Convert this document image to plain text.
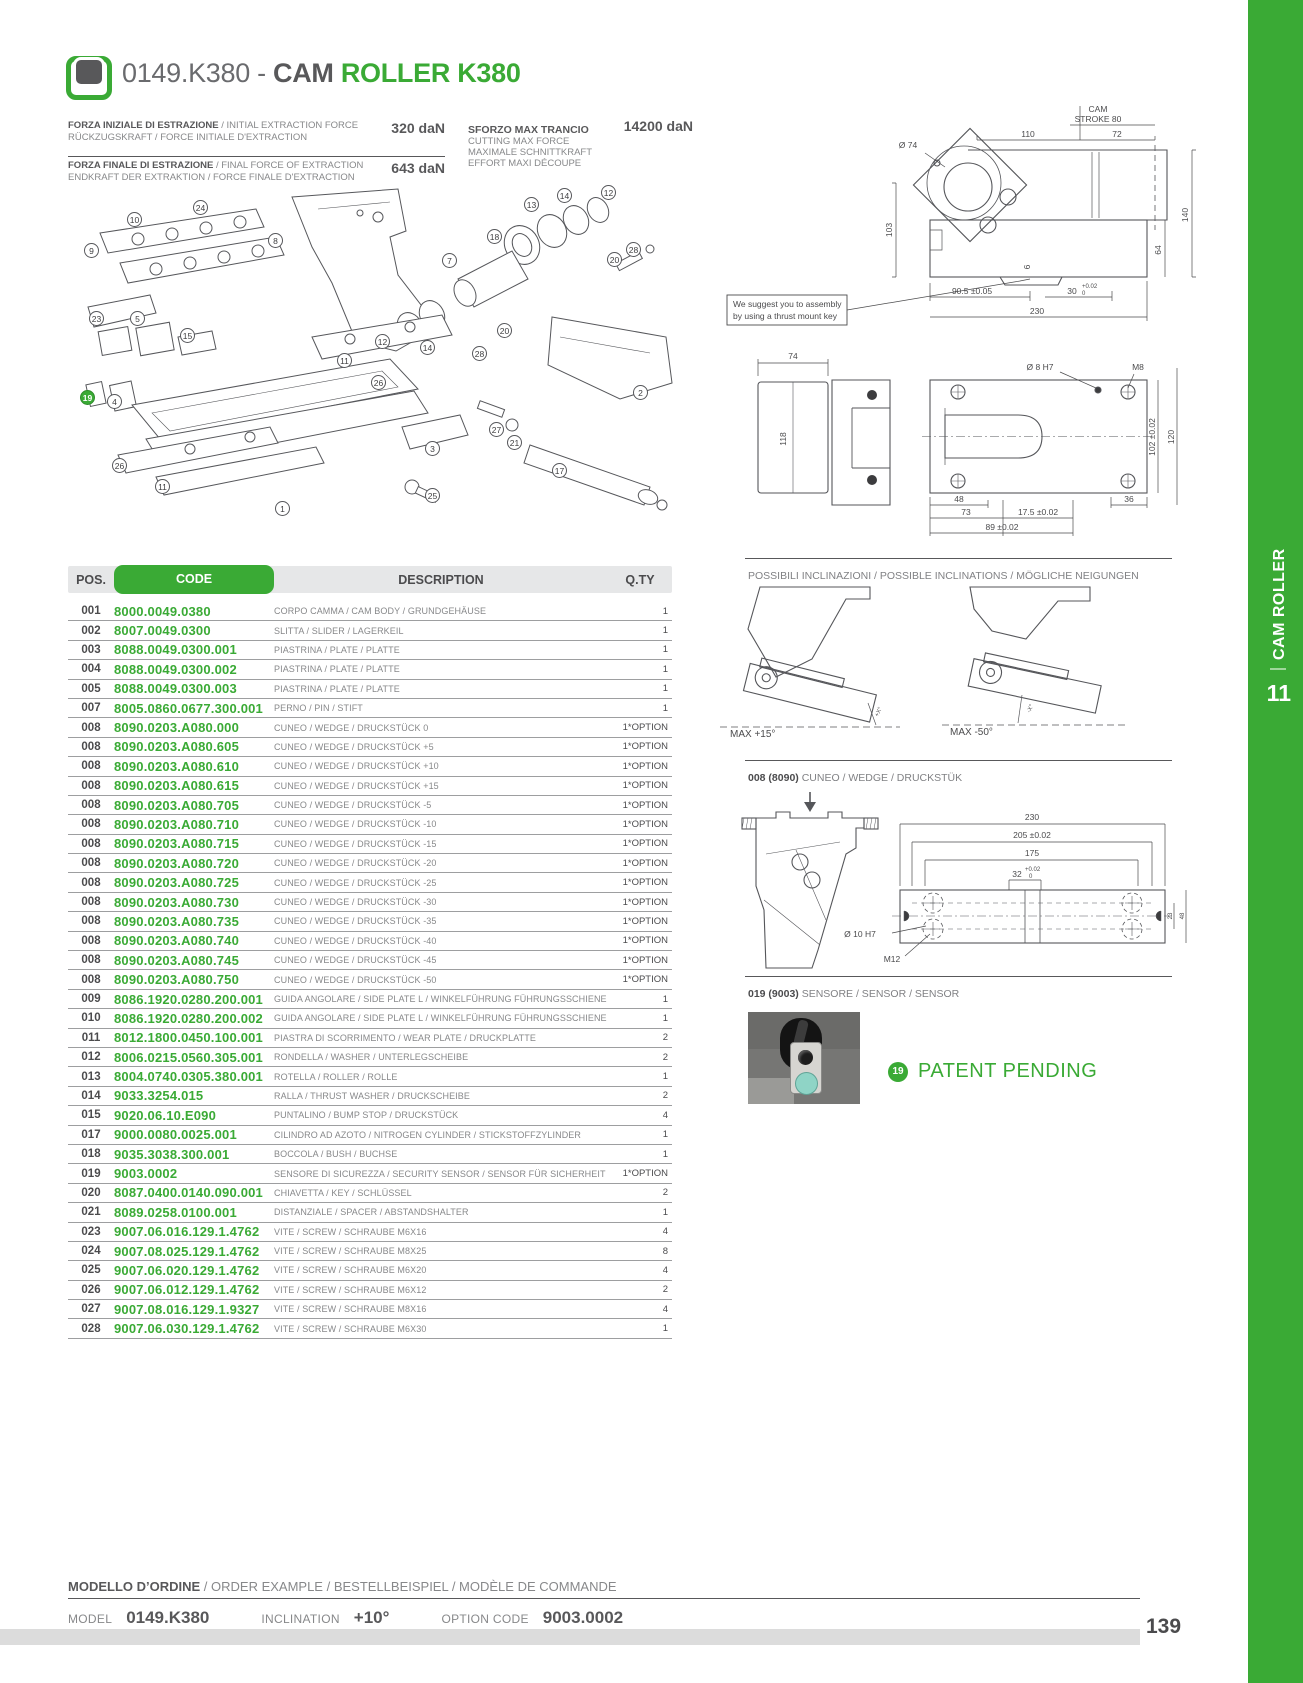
CAM ROLLER
11
0149.K380 - CAM ROLLER K380
FORZA INIZIALE DI ESTRAZIONE / INITIAL EXTRACTION FORCE
RÜCKZUGSKRAFT / FORCE INITIALE D'EXTRACTION
320 daN
FORZA FINALE DI ESTRAZIONE / FINAL FORCE OF EXTRACTION
ENDKRAFT DER EXTRAKTION / FORCE FINALE D'EXTRACTION
643 daN
SFORZO MAX TRANCIO 14200 daN
CUTTING MAX FORCE
MAXIMALE SCHNITTKRAFT
EFFORT MAXI DÉCOUPE
10
24
9
8
7
18
13
14	12
20
28
23	5
15
12
14
11
26
20
28
2
19	4
27
21
3
17
26
11
25
1
POS.	CODE	DESCRIPTION	Q.TY
001	8000.0049.0380	CORPO CAMMA / CAM BODY / GRUNDGEHÄUSE	1
002	8007.0049.0300	SLITTA / SLIDER / LAGERKEIL	1
003	8088.0049.0300.001	PIASTRINA / PLATE / PLATTE	1
004	8088.0049.0300.002	PIASTRINA / PLATE / PLATTE	1
005	8088.0049.0300.003	PIASTRINA / PLATE / PLATTE	1
007	8005.0860.0677.300.001	PERNO / PIN / STIFT	1
008	8090.0203.A080.000	CUNEO / WEDGE / DRUCKSTÜCK 0	1*OPTION
008	8090.0203.A080.605	CUNEO / WEDGE / DRUCKSTÜCK +5	1*OPTION
008	8090.0203.A080.610	CUNEO / WEDGE / DRUCKSTÜCK +10	1*OPTION
008	8090.0203.A080.615	CUNEO / WEDGE / DRUCKSTÜCK +15	1*OPTION
008	8090.0203.A080.705	CUNEO / WEDGE / DRUCKSTÜCK -5	1*OPTION
008	8090.0203.A080.710	CUNEO / WEDGE / DRUCKSTÜCK -10	1*OPTION
008	8090.0203.A080.715	CUNEO / WEDGE / DRUCKSTÜCK -15	1*OPTION
008	8090.0203.A080.720	CUNEO / WEDGE / DRUCKSTÜCK -20	1*OPTION
008	8090.0203.A080.725	CUNEO / WEDGE / DRUCKSTÜCK -25	1*OPTION
008	8090.0203.A080.730	CUNEO / WEDGE / DRUCKSTÜCK -30	1*OPTION
008	8090.0203.A080.735	CUNEO / WEDGE / DRUCKSTÜCK -35	1*OPTION
008	8090.0203.A080.740	CUNEO / WEDGE / DRUCKSTÜCK -40	1*OPTION
008	8090.0203.A080.745	CUNEO / WEDGE / DRUCKSTÜCK -45	1*OPTION
008	8090.0203.A080.750	CUNEO / WEDGE / DRUCKSTÜCK -50	1*OPTION
009	8086.1920.0280.200.001	GUIDA ANGOLARE / SIDE PLATE L / WINKELFÜHRUNG FÜHRUNGSSCHIENE	1
010	8086.1920.0280.200.002	GUIDA ANGOLARE / SIDE PLATE L / WINKELFÜHRUNG FÜHRUNGSSCHIENE	1
011	8012.1800.0450.100.001	PIASTRA DI SCORRIMENTO / WEAR PLATE / DRUCKPLATTE	2
012	8006.0215.0560.305.001	RONDELLA / WASHER / UNTERLEGSCHEIBE	2
013	8004.0740.0305.380.001	ROTELLA / ROLLER / ROLLE	1
014	9033.3254.015	RALLA / THRUST WASHER / DRUCKSCHEIBE	2
015	9020.06.10.E090	PUNTALINO / BUMP STOP / DRUCKSTÜCK	4
017	9000.0080.0025.001	CILINDRO AD AZOTO / NITROGEN CYLINDER / STICKSTOFFZYLINDER	1
018	9035.3038.300.001	BOCCOLA / BUSH / BUCHSE	1
019	9003.0002	SENSORE DI SICUREZZA / SECURITY SENSOR / SENSOR FÜR SICHERHEIT	1*OPTION
020	8087.0400.0140.090.001	CHIAVETTA / KEY / SCHLÜSSEL	2
021	8089.0258.0100.001	DISTANZIALE / SPACER / ABSTANDSHALTER	1
023	9007.06.016.129.1.4762	VITE / SCREW / SCHRAUBE M6X16	4
024	9007.08.025.129.1.4762	VITE / SCREW / SCHRAUBE M8X25	8
025	9007.06.020.129.1.4762	VITE / SCREW / SCHRAUBE M6X20	4
026	9007.06.012.129.1.4762	VITE / SCREW / SCHRAUBE M6X12	2
027	9007.08.016.129.1.9327	VITE / SCREW / SCHRAUBE M8X16	4
028	9007.06.030.129.1.4762	VITE / SCREW / SCHRAUBE M6X30	1
CAM
STROKE 80
110	72
Ø 74
103
140
64
90.5 ±0.05	30 +0.02
0
6
230
We suggest you to assembly
by using a thrust mount key
74
118
Ø 8 H7	M8
102 ±0.02 120
48
73	17.5 ±0.02
89 ±0.02
36
POSSIBILI INCLINAZIONI / POSSIBLE INCLINATIONS / MÖGLICHE NEIGUNGEN
MAX +15°	MAX -50°
+X°	-X°
008 (8090) CUNEO / WEDGE / DRUCKSTÜK
230
205 ±0.02
175
32 +0.02
0
Ø 10 H7
M12
23 48
019 (9003) SENSORE / SENSOR / SENSOR
19 PATENT PENDING
MODELLO D’ORDINE / ORDER EXAMPLE / BESTELLBEISPIEL / MODÈLE DE COMMANDE
MODEL 0149.K380	INCLINATION +10°	OPTION CODE 9003.0002	139
